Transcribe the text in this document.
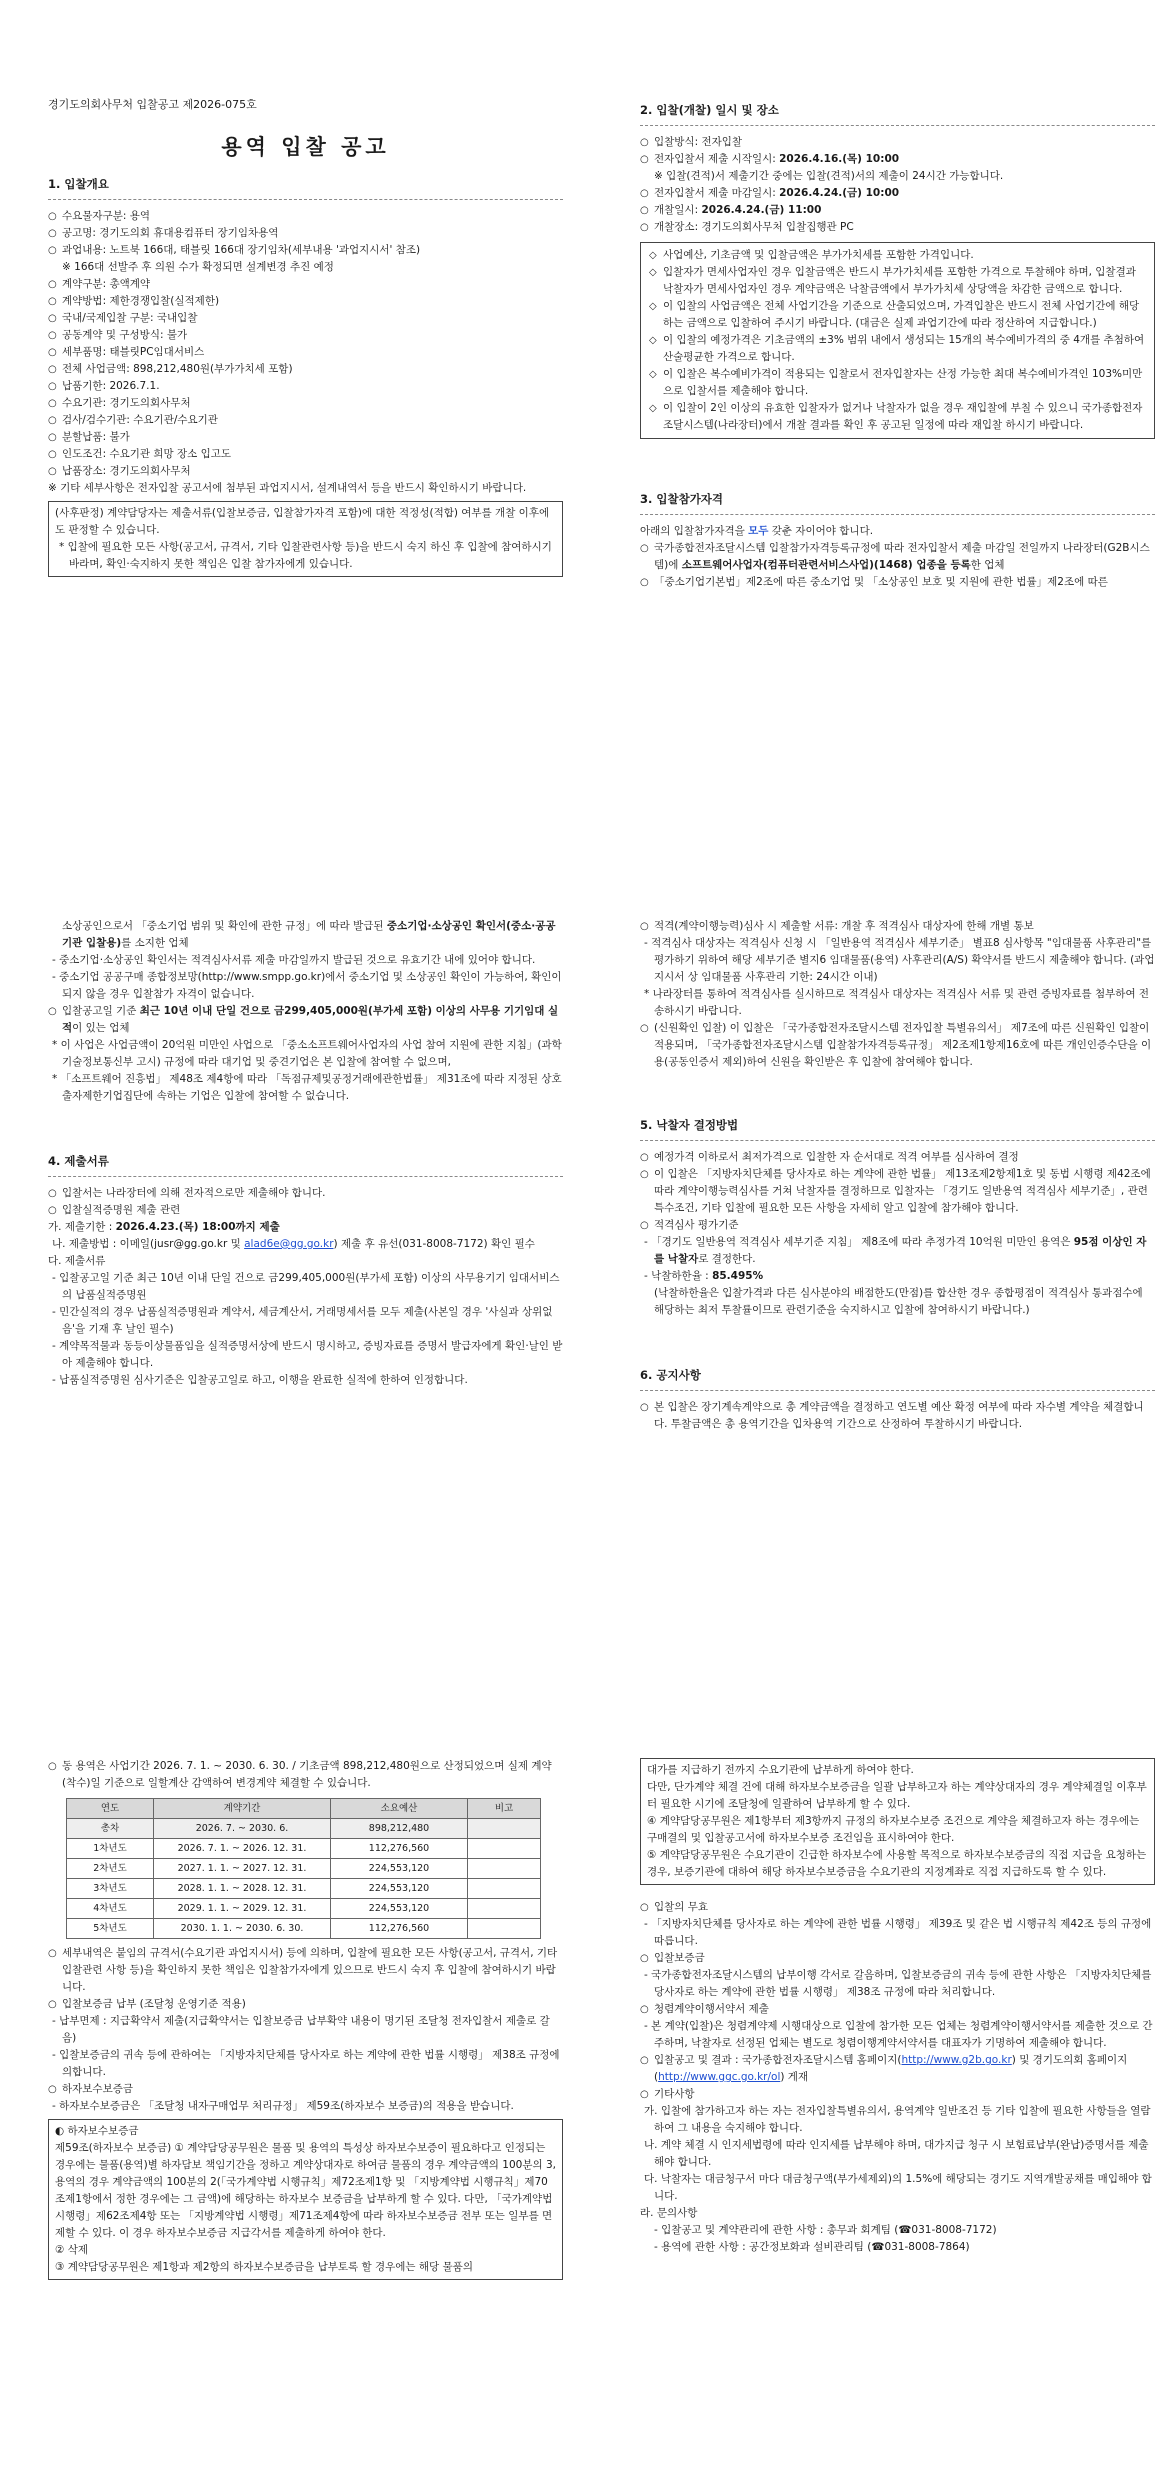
경기도의회사무처 입찰공고 제2026-075호

용역 입찰 공고

1. 입찰개요

○ 수요물자구분: 용역

○ 공고명: 경기도의회 휴대용컴퓨터 장기임차용역

○ 과업내용: 노트북 166대, 태블릿 166대 장기임차(세부내용 '과업지시서' 참조)

※ 166대 선발주 후 의원 수가 확정되면 설계변경 추진 예정

○ 계약구분: 총액계약

○ 계약방법: 제한경쟁입찰(실적제한)

○ 국내/국제입찰 구분: 국내입찰

○ 공동계약 및 구성방식: 불가

○ 세부품명: 태블릿PC임대서비스

○ 전체 사업금액: 898,212,480원(부가가치세 포함)

○ 납품기한: 2026.7.1.

○ 수요기관: 경기도의회사무처

○ 검사/검수기관: 수요기관/수요기관

○ 분할납품: 불가

○ 인도조건: 수요기관 희망 장소 입고도

○ 납품장소: 경기도의회사무처

※ 기타 세부사항은 전자입찰 공고서에 첨부된 과업지시서, 설계내역서 등을 반드시 확인하시기 바랍니다.

(사후판정) 계약담당자는 제출서류(입찰보증금, 입찰참가자격 포함)에 대한 적정성(적합) 여부를 개찰 이후에도 판정할 수 있습니다.

* 입찰에 필요한 모든 사항(공고서, 규격서, 기타 입찰관련사항 등)을 반드시 숙지 하신 후 입찰에 참여하시기바라며, 확인·숙지하지 못한 책임은 입찰 참가자에게 있습니다.

2. 입찰(개찰) 일시 및 장소

○ 입찰방식: 전자입찰

○ 전자입찰서 제출 시작일시: 2026.4.16.(목) 10:00

※ 입찰(견적)서 제출기간 중에는 입찰(견적)서의 제출이 24시간 가능합니다.

○ 전자입찰서 제출 마감일시: 2026.4.24.(금) 10:00

○ 개찰일시: 2026.4.24.(금) 11:00

○ 개찰장소: 경기도의회사무처 입찰집행관 PC

◇ 사업예산, 기초금액 및 입찰금액은 부가가치세를 포함한 가격입니다.

◇ 입찰자가 면세사업자인 경우 입찰금액은 반드시 부가가치세를 포함한 가격으로 투찰해야 하며, 입찰결과 낙찰자가 면세사업자인 경우 계약금액은 낙찰금액에서 부가가치세 상당액을 차감한 금액으로 합니다.

◇ 이 입찰의 사업금액은 전체 사업기간을 기준으로 산출되었으며, 가격입찰은 반드시 전체 사업기간에 해당하는 금액으로 입찰하여 주시기 바랍니다. (대금은 실제 과업기간에 따라 정산하여 지급합니다.)

◇ 이 입찰의 예정가격은 기초금액의 ±3% 범위 내에서 생성되는 15개의 복수예비가격의 중 4개를 추첨하여 산술평균한 가격으로 합니다.

◇ 이 입찰은 복수예비가격이 적용되는 입찰로서 전자입찰자는 산정 가능한 최대 복수예비가격인 103%미만으로 입찰서를 제출해야 합니다.

◇ 이 입찰이 2인 이상의 유효한 입찰자가 없거나 낙찰자가 없을 경우 재입찰에 부칠 수 있으니 국가종합전자조달시스템(나라장터)에서 개찰 결과를 확인 후 공고된 일정에 따라 재입찰 하시기 바랍니다.

3. 입찰참가자격

아래의 입찰참가자격을 모두 갖춘 자이어야 합니다.

○ 국가종합전자조달시스템 입찰참가자격등록규정에 따라 전자입찰서 제출 마감일 전일까지 나라장터(G2B시스템)에 소프트웨어사업자(컴퓨터관련서비스사업)(1468) 업종을 등록한 업체

○ 「중소기업기본법」제2조에 따른 중소기업 및 「소상공인 보호 및 지원에 관한 법률」제2조에 따른

소상공인으로서 「중소기업 범위 및 확인에 관한 규정」에 따라 발급된 중소기업·소상공인 확인서(중소·공공기관 입찰용)를 소지한 업체

- 중소기업·소상공인 확인서는 적격심사서류 제출 마감일까지 발급된 것으로 유효기간 내에 있어야 합니다.

- 중소기업 공공구매 종합정보망(http://www.smpp.go.kr)에서 중소기업 및 소상공인 확인이 가능하여, 확인이 되지 않을 경우 입찰참가 자격이 없습니다.

○ 입찰공고일 기준 최근 10년 이내 단일 건으로 금299,405,000원(부가세 포함) 이상의 사무용 기기임대 실적이 있는 업체

* 이 사업은 사업금액이 20억원 미만인 사업으로 「중소소프트웨어사업자의 사업 참여 지원에 관한 지침」(과학기술정보통신부 고시) 규정에 따라 대기업 및 중견기업은 본 입찰에 참여할 수 없으며,

* 「소프트웨어 진흥법」 제48조 제4항에 따라 「독점규제및공정거래에관한법률」 제31조에 따라 지정된 상호출자제한기업집단에 속하는 기업은 입찰에 참여할 수 없습니다.

4. 제출서류

○ 입찰서는 나라장터에 의해 전자적으로만 제출해야 합니다.

○ 입찰실적증명원 제출 관련

가. 제출기한 : 2026.4.23.(목) 18:00까지 제출

나. 제출방법 : 이메일(jusr@gg.go.kr 및 alad6e@gg.go.kr) 제출 후 유선(031-8008-7172) 확인 필수

다. 제출서류

- 입찰공고일 기준 최근 10년 이내 단일 건으로 금299,405,000원(부가세 포함) 이상의 사무용기기 임대서비스의 납품실적증명원

- 민간실적의 경우 납품실적증명원과 계약서, 세금계산서, 거래명세서를 모두 제출(사본일 경우 '사실과 상위없음'을 기재 후 날인 필수)

- 계약목적물과 동등이상물품임을 실적증명서상에 반드시 명시하고, 증빙자료를 증명서 발급자에게 확인·날인 받아 제출해야 합니다.

- 납품실적증명원 심사기준은 입찰공고일로 하고, 이행을 완료한 실적에 한하여 인정합니다.

○ 적격(계약이행능력)심사 시 제출할 서류: 개찰 후 적격심사 대상자에 한해 개별 통보

- 적격심사 대상자는 적격심사 신청 시 「일반용역 적격심사 세부기준」 별표8 심사항목 "임대물품 사후관리"를 평가하기 위하여 해당 세부기준 별지6 임대물품(용역) 사후관리(A/S) 확약서를 반드시 제출해야 합니다. (과업지시서 상 임대물품 사후관리 기한: 24시간 이내)

* 나라장터를 통하여 적격심사를 실시하므로 적격심사 대상자는 적격심사 서류 및 관련 증빙자료를 첨부하여 전송하시기 바랍니다.

○ (신원확인 입찰) 이 입찰은 「국가종합전자조달시스템 전자입찰 특별유의서」 제7조에 따른 신원확인 입찰이 적용되며, 「국가종합전자조달시스템 입찰참가자격등록규정」 제2조제1항제16호에 따른 개인인증수단을 이용(공동인증서 제외)하여 신원을 확인받은 후 입찰에 참여해야 합니다.

5. 낙찰자 결정방법

○ 예정가격 이하로서 최저가격으로 입찰한 자 순서대로 적격 여부를 심사하여 결정

○ 이 입찰은 「지방자치단체를 당사자로 하는 계약에 관한 법률」 제13조제2항제1호 및 동법 시행령 제42조에 따라 계약이행능력심사를 거쳐 낙찰자를 결정하므로 입찰자는 「경기도 일반용역 적격심사 세부기준」, 관련 특수조건, 기타 입찰에 필요한 모든 사항을 자세히 알고 입찰에 참가해야 합니다.

○ 적격심사 평가기준

- 「경기도 일반용역 적격심사 세부기준 지침」 제8조에 따라 추정가격 10억원 미만인 용역은 95점 이상인 자를 낙찰자로 결정한다.

- 낙찰하한율 : 85.495%

(낙찰하한율은 입찰가격과 다른 심사분야의 배점한도(만점)를 합산한 경우 종합평점이 적격심사 통과점수에 해당하는 최저 투찰률이므로 관련기준을 숙지하시고 입찰에 참여하시기 바랍니다.)

6. 공지사항

○ 본 입찰은 장기계속계약으로 총 계약금액을 결정하고 연도별 예산 확정 여부에 따라 자수별 계약을 체결합니다. 투찰금액은 총 용역기간을 입차용역 기간으로 산정하여 투찰하시기 바랍니다.

○ 동 용역은 사업기간 2026. 7. 1. ~ 2030. 6. 30. / 기초금액 898,212,480원으로 산정되었으며 실제 계약(착수)일 기준으로 일할계산 감액하여 변경계약 체결할 수 있습니다.

연도	계약기간	소요예산	비고
총차	2026. 7. ~ 2030. 6.	898,212,480	
1차년도	2026. 7. 1. ~ 2026. 12. 31.	112,276,560	
2차년도	2027. 1. 1. ~ 2027. 12. 31.	224,553,120	
3차년도	2028. 1. 1. ~ 2028. 12. 31.	224,553,120	
4차년도	2029. 1. 1. ~ 2029. 12. 31.	224,553,120	
5차년도	2030. 1. 1. ~ 2030. 6. 30.	112,276,560	

○ 세부내역은 붙임의 규격서(수요기관 과업지시서) 등에 의하며, 입찰에 필요한 모든 사항(공고서, 규격서, 기타 입찰관련 사항 등)을 확인하지 못한 책임은 입찰참가자에게 있으므로 반드시 숙지 후 입찰에 참여하시기 바랍니다.

○ 입찰보증금 납부 (조달청 운영기준 적용)

- 납부면제 : 지급확약서 제출(지급확약서는 입찰보증금 납부확약 내용이 명기된 조달청 전자입찰서 제출로 갈음)

- 입찰보증금의 귀속 등에 관하여는 「지방자치단체를 당사자로 하는 계약에 관한 법률 시행령」 제38조 규정에 의합니다.

○ 하자보수보증금

- 하자보수보증금은 「조달청 내자구매업무 처리규정」 제59조(하자보수 보증금)의 적용을 받습니다.

◐ 하자보수보증금

제59조(하자보수 보증금) ① 계약담당공무원은 물품 및 용역의 특성상 하자보수보증이 필요하다고 인정되는 경우에는 물품(용역)별 하자담보 책임기간을 정하고 계약상대자로 하여금 물품의 경우 계약금액의 100분의 3, 용역의 경우 계약금액의 100분의 2(「국가계약법 시행규칙」제72조제1항 및 「지방계약법 시행규칙」제70조제1항에서 정한 경우에는 그 금액)에 해당하는 하자보수 보증금을 납부하게 할 수 있다. 다만, 「국가계약법 시행령」제62조제4항 또는 「지방계약법 시행령」제71조제4항에 따라 하자보수보증금 전부 또는 일부를 면제할 수 있다. 이 경우 하자보수보증금 지급각서를 제출하게 하여야 한다.

② 삭제

③ 계약담당공무원은 제1항과 제2항의 하자보수보증금을 납부토록 할 경우에는 해당 물품의

대가를 지급하기 전까지 수요기관에 납부하게 하여야 한다.

다만, 단가계약 체결 건에 대해 하자보수보증금을 일괄 납부하고자 하는 계약상대자의 경우 계약체결일 이후부터 필요한 시기에 조달청에 일괄하여 납부하게 할 수 있다.

④ 계약담당공무원은 제1항부터 제3항까지 규정의 하자보수보증 조건으로 계약을 체결하고자 하는 경우에는 구매결의 및 입찰공고서에 하자보수보증 조건임을 표시하여야 한다.

⑤ 계약담당공무원은 수요기관이 긴급한 하자보수에 사용할 목적으로 하자보수보증금의 직접 지급을 요청하는 경우, 보증기관에 대하여 해당 하자보수보증금을 수요기관의 지정계좌로 직접 지급하도록 할 수 있다.

○ 입찰의 무효

- 「지방자치단체를 당사자로 하는 계약에 관한 법률 시행령」 제39조 및 같은 법 시행규칙 제42조 등의 규정에 따릅니다.

○ 입찰보증금

- 국가종합전자조달시스템의 납부이행 각서로 갈음하며, 입찰보증금의 귀속 등에 관한 사항은 「지방자치단체를 당사자로 하는 계약에 관한 법률 시행령」 제38조 규정에 따라 처리합니다.

○ 청렴계약이행서약서 제출

- 본 계약(입찰)은 청렴계약제 시행대상으로 입찰에 참가한 모든 업체는 청렴계약이행서약서를 제출한 것으로 간주하며, 낙찰자로 선정된 업체는 별도로 청렴이행계약서약서를 대표자가 기명하여 제출해야 합니다.

○ 입찰공고 및 결과 : 국가종합전자조달시스템 홈페이지(http://www.g2b.go.kr) 및 경기도의회 홈페이지(http://www.ggc.go.kr/ol) 게재

○ 기타사항

가. 입찰에 참가하고자 하는 자는 전자입찰특별유의서, 용역계약 일반조건 등 기타 입찰에 필요한 사항들을 열람하여 그 내용을 숙지해야 합니다.

나. 계약 체결 시 인지세법령에 따라 인지세를 납부해야 하며, 대가지급 청구 시 보험료납부(완납)증명서를 제출해야 합니다.

다. 낙찰자는 대금청구서 마다 대금청구액(부가세제외)의 1.5%에 해당되는 경기도 지역개발공채를 매입해야 합니다.

라. 문의사항

- 입찰공고 및 계약관리에 관한 사항 : 총무과 회계팀 (☎031-8008-7172)

- 용역에 관한 사항 : 공간정보화과 설비관리팀 (☎031-8008-7864)
